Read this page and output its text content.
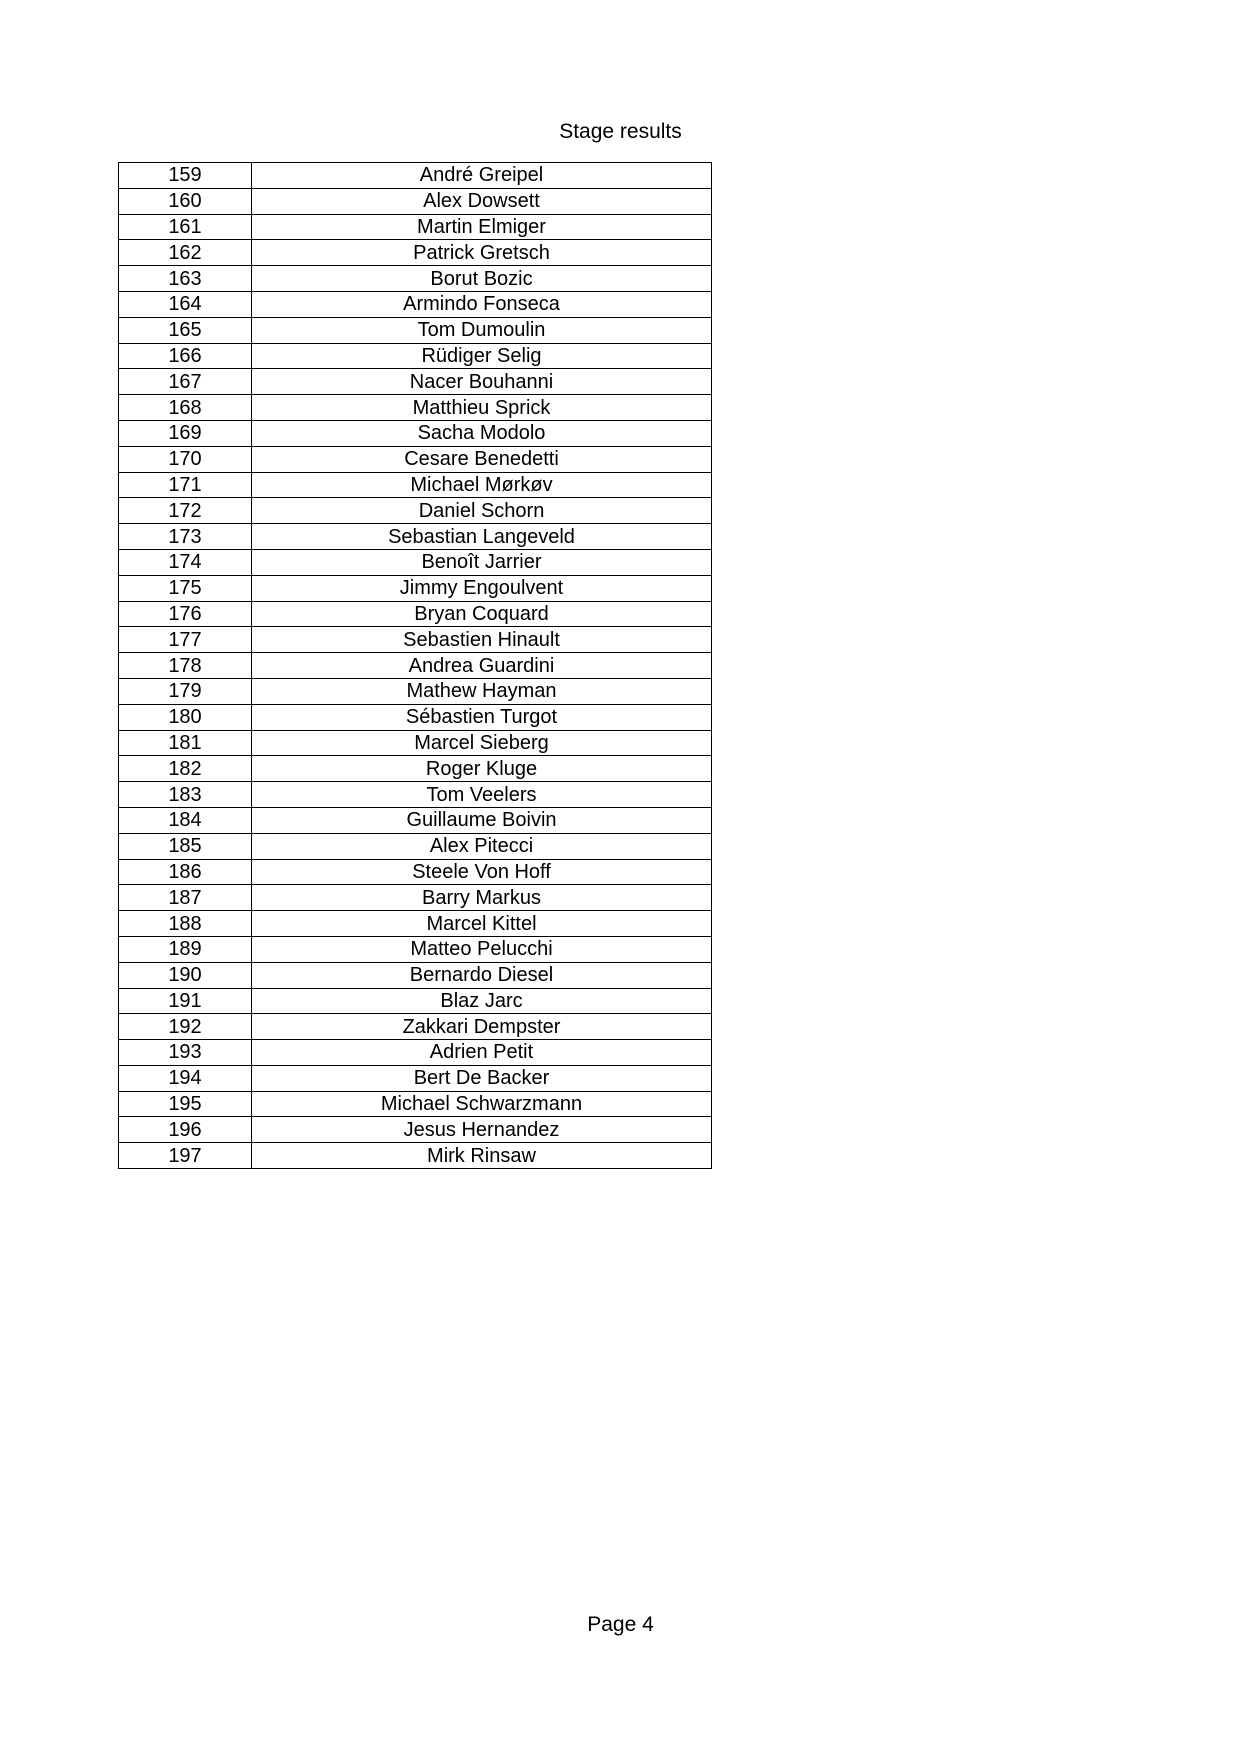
Stage results
159	André Greipel
160	Alex Dowsett
161	Martin Elmiger
162	Patrick Gretsch
163	Borut Bozic
164	Armindo Fonseca
165	Tom Dumoulin
166	Rüdiger Selig
167	Nacer Bouhanni
168	Matthieu Sprick
169	Sacha Modolo
170	Cesare Benedetti
171	Michael Mørkøv
172	Daniel Schorn
173	Sebastian Langeveld
174	Benoît Jarrier
175	Jimmy Engoulvent
176	Bryan Coquard
177	Sebastien Hinault
178	Andrea Guardini
179	Mathew Hayman
180	Sébastien Turgot
181	Marcel Sieberg
182	Roger Kluge
183	Tom Veelers
184	Guillaume Boivin
185	Alex Pitecci
186	Steele Von Hoff
187	Barry Markus
188	Marcel Kittel
189	Matteo Pelucchi
190	Bernardo Diesel
191	Blaz Jarc
192	Zakkari Dempster
193	Adrien Petit
194	Bert De Backer
195	Michael Schwarzmann
196	Jesus Hernandez
197	Mirk Rinsaw
Page 4
